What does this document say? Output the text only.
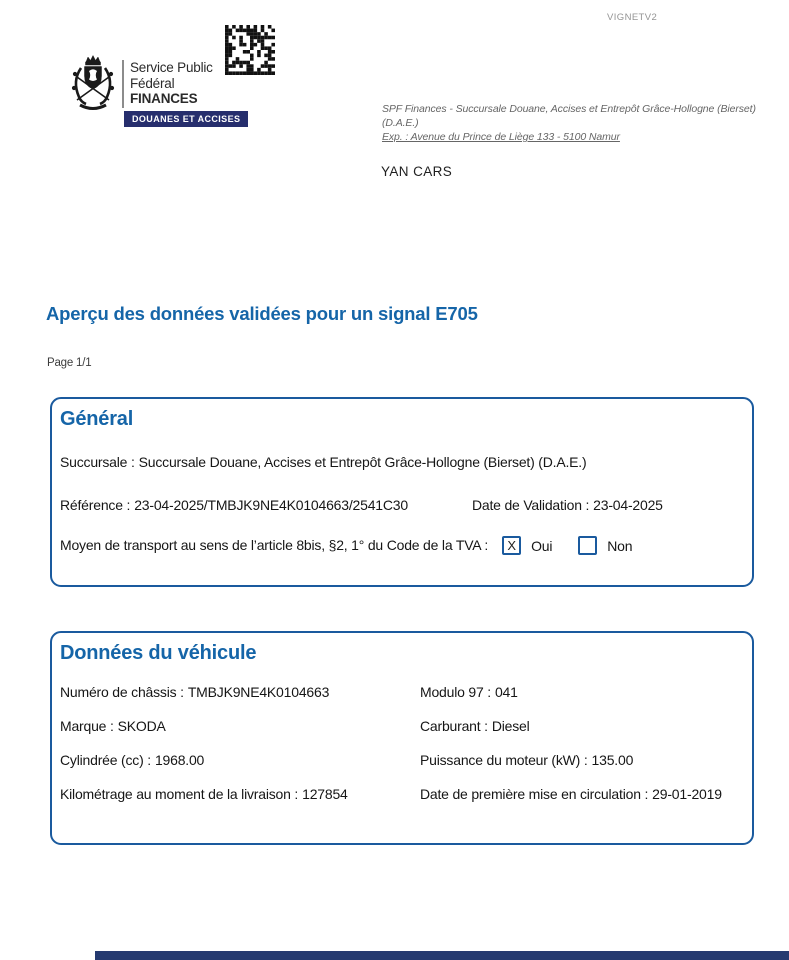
VIGNETV2
Service Public
Fédéral
FINANCES
DOUANES ET ACCISES
SPF Finances - Succursale Douane, Accises et Entrepôt Grâce-Hollogne (Bierset) (D.A.E.)
Exp. : Avenue du Prince de Liège 133 - 5100 Namur
YAN CARS
Aperçu des données validées pour un signal E705
Page 1/1
Général
Succursale : Succursale Douane, Accises et Entrepôt Grâce-Hollogne (Bierset) (D.A.E.)
Référence : 23-04-2025/TMBJK9NE4K0104663/2541C30	Date de Validation : 23-04-2025
Moyen de transport au sens de l’article 8bis, §2, 1° du Code de la TVA : X Oui	Non
Données du véhicule
Numéro de châssis : TMBJK9NE4K0104663	Modulo 97 : 041
Marque : SKODA	Carburant : Diesel
Cylindrée (cc) : 1968.00	Puissance du moteur (kW) : 135.00
Kilométrage au moment de la livraison : 127854	Date de première mise en circulation : 29-01-2019
